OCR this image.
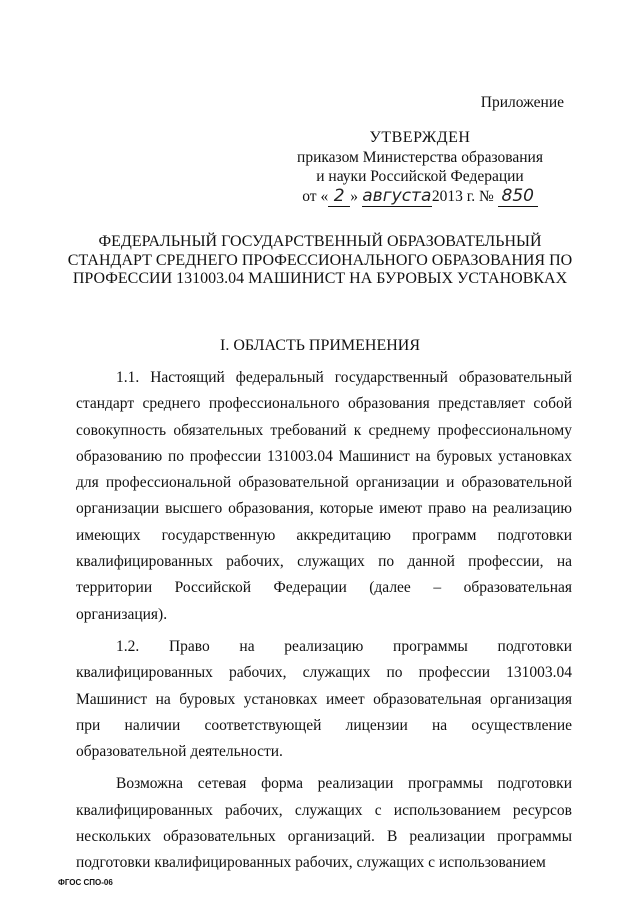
Приложение
УТВЕРЖДЕН
приказом Министерства образования
и науки Российской Федерации
от « 2 » августа2013 г. № 850
ФЕДЕРАЛЬНЫЙ ГОСУДАРСТВЕННЫЙ ОБРАЗОВАТЕЛЬНЫЙ СТАНДАРТ СРЕДНЕГО ПРОФЕССИОНАЛЬНОГО ОБРАЗОВАНИЯ ПО ПРОФЕССИИ 131003.04 МАШИНИСТ НА БУРОВЫХ УСТАНОВКАХ
I. ОБЛАСТЬ ПРИМЕНЕНИЯ

1.1. Настоящий федеральный государственный образовательный стандарт среднего профессионального образования представляет собой совокупность обязательных требований к среднему профессиональному образованию по профессии 131003.04 Машинист на буровых установках для профессиональной образовательной организации и образовательной организации высшего образования, которые имеют право на реализацию имеющих государственную аккредитацию программ подготовки квалифицированных рабочих, служащих по данной профессии, на территории Российской Федерации (далее – образовательная организация).

1.2. Право на реализацию программы подготовки квалифицированных рабочих, служащих по профессии 131003.04 Машинист на буровых установках имеет образовательная организация при наличии соответствующей лицензии на осуществление образовательной деятельности.

Возможна сетевая форма реализации программы подготовки квалифицированных рабочих, служащих с использованием ресурсов нескольких образовательных организаций. В реализации программы подготовки квалифицированных рабочих, служащих с использованием

ФГОС СПО-06
